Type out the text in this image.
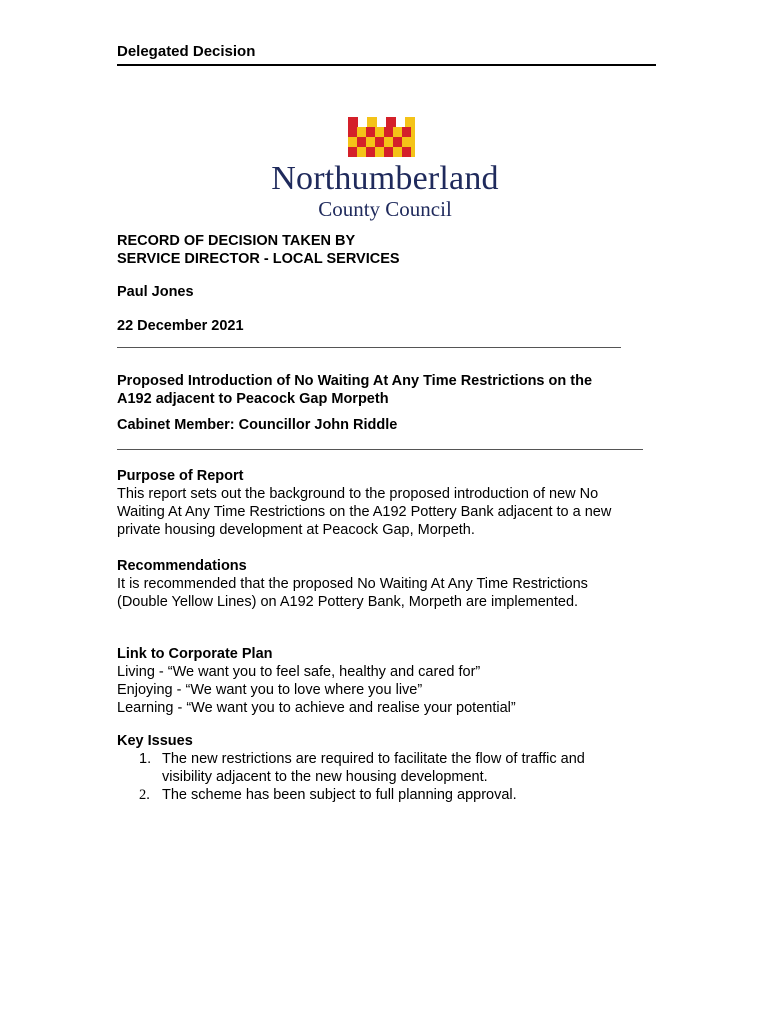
Delegated Decision
Northumberland
County Council
RECORD OF DECISION TAKEN BY
SERVICE DIRECTOR - LOCAL SERVICES
Paul Jones
22 December 2021
Proposed Introduction of No Waiting At Any Time Restrictions on the
A192 adjacent to Peacock Gap Morpeth
Cabinet Member: Councillor John Riddle
Purpose of Report
This report sets out the background to the proposed introduction of new No
Waiting At Any Time Restrictions on the A192 Pottery Bank adjacent to a new
private housing development at Peacock Gap, Morpeth.
Recommendations
It is recommended that the proposed No Waiting At Any Time Restrictions
(Double Yellow Lines) on A192 Pottery Bank, Morpeth are implemented.
Link to Corporate Plan
Living - “We want you to feel safe, healthy and cared for”
Enjoying - “We want you to love where you live”
Learning - “We want you to achieve and realise your potential”
Key Issues
1. The new restrictions are required to facilitate the flow of traffic and
visibility adjacent to the new housing development.
2. The scheme has been subject to full planning approval.
